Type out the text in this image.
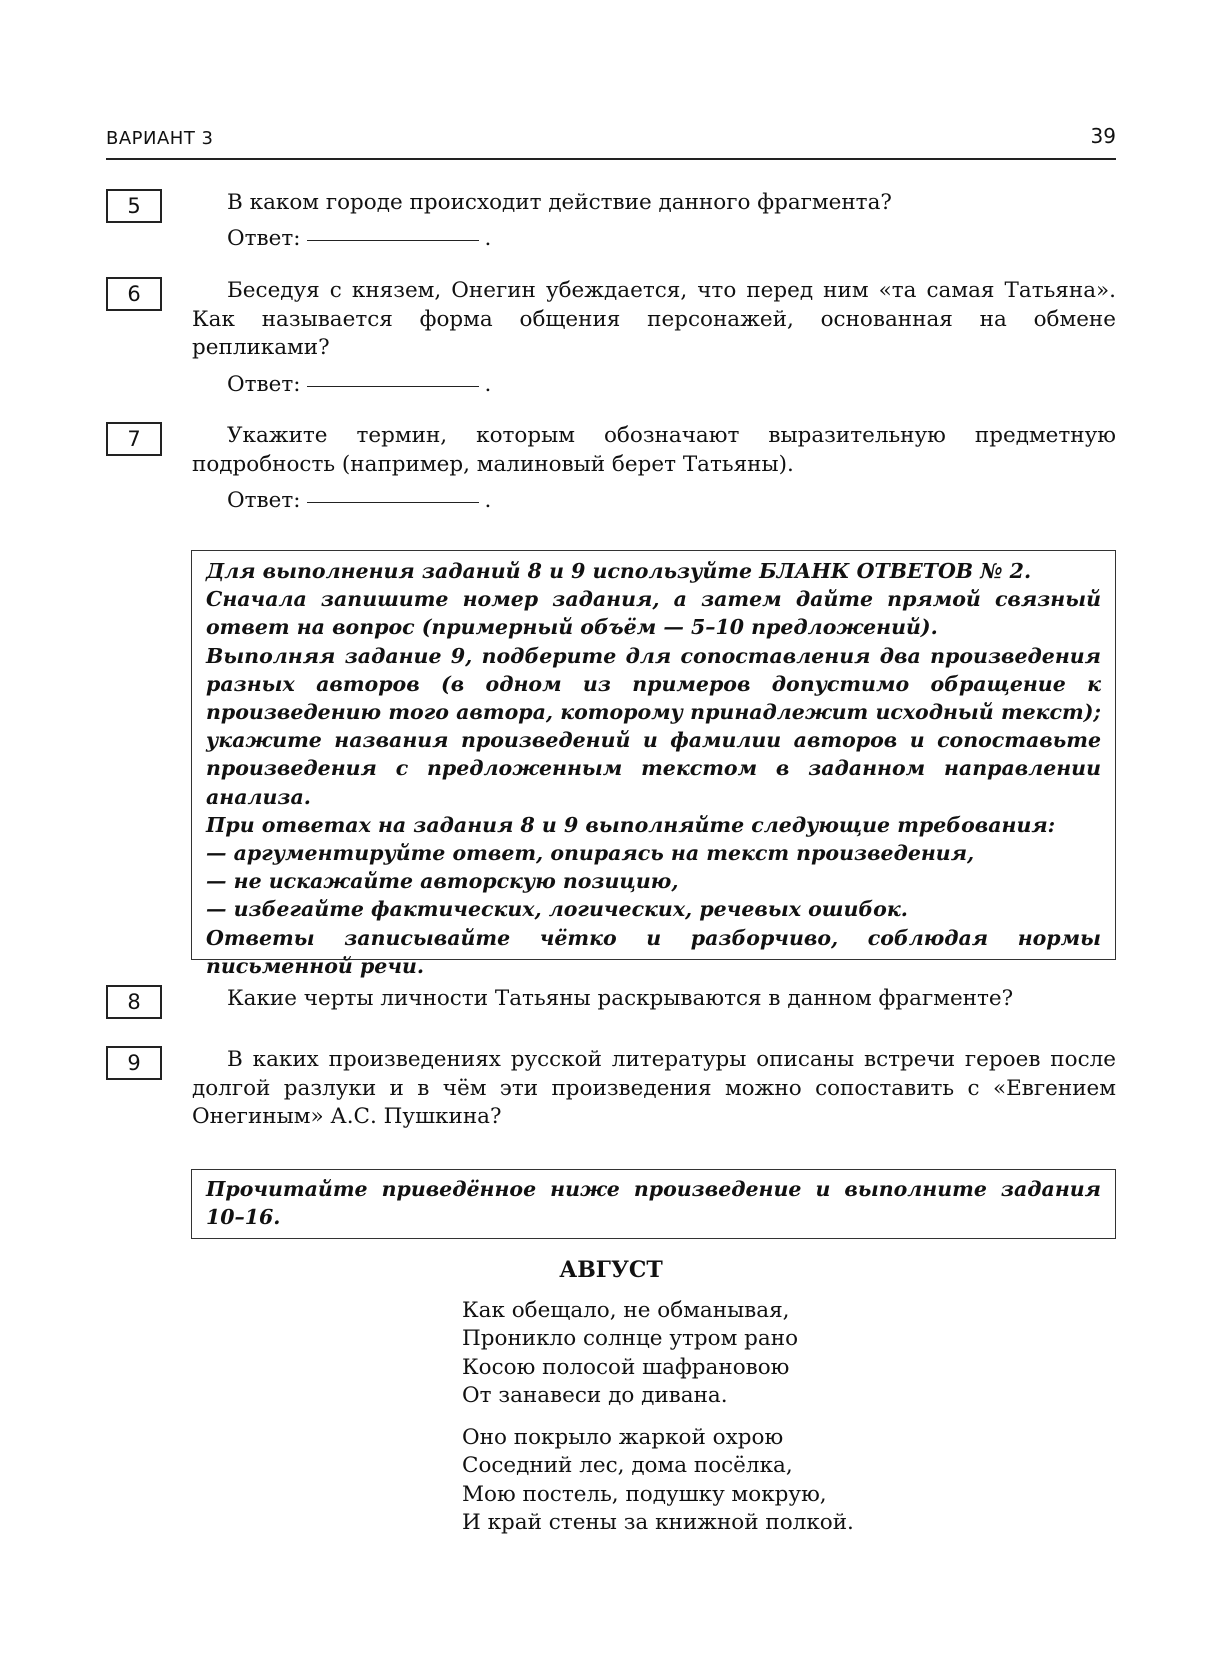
ВАРИАНТ 3	39
5	В каком городе происходит действие данного фрагмента?
Ответ:	.
6	Беседуя с князем, Онегин убеждается, что перед ним «та самая Татьяна». Как называется форма общения персонажей, основанная на обмене репликами?
Ответ:	.
7	Укажите термин, которым обозначают выразительную предметную подробность (например, малиновый берет Татьяны).
Ответ:	.

Для выполнения заданий 8 и 9 используйте БЛАНК ОТВЕТОВ № 2.

Сначала запишите номер задания, а затем дайте прямой связный ответ на вопрос (примерный объём — 5–10 предложений).

Выполняя задание 9, подберите для сопоставления два произведения разных авторов (в одном из примеров допустимо обращение к произведению того автора, которому принадлежит исходный текст); укажите названия произведений и фамилии авторов и сопоставьте произведения с предложенным текстом в заданном направлении анализа.

При ответах на задания 8 и 9 выполняйте следующие требования:

— аргументируйте ответ, опираясь на текст произведения,

— не искажайте авторскую позицию,

— избегайте фактических, логических, речевых ошибок.

Ответы записывайте чётко и разборчиво, соблюдая нормы письменной речи.

8	Какие черты личности Татьяны раскрываются в данном фрагменте?
9	В каких произведениях русской литературы описаны встречи героев после долгой разлуки и в чём эти произведения можно сопоставить с «Евгением Онегиным» А.С. Пушкина?

Прочитайте приведённое ниже произведение и выполните задания 10–16.

АВГУСТ
Как обещало, не обманывая,
Проникло солнце утром рано
Косою полосой шафрановою
От занавеси до дивана.
Оно покрыло жаркой охрою
Соседний лес, дома посёлка,
Мою постель, подушку мокрую,
И край стены за книжной полкой.
